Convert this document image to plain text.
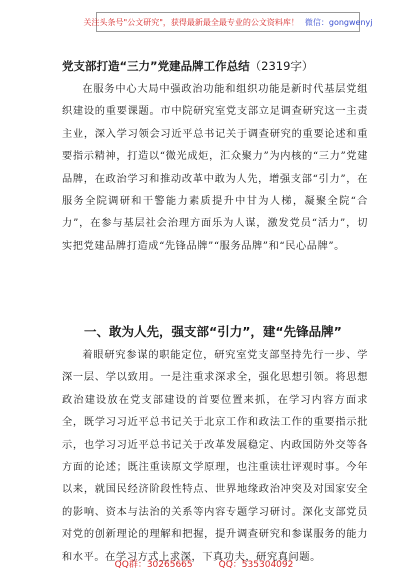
关注头条号"公文研究"，获得最新最全最专业的公文资料库！ 微信：gongwenyj
党支部打造“三力”党建品牌工作总结（2319字）

在服务中心大局中强政治功能和组织功能是新时代基层党组织建设的重要课题。市中院研究室党支部立足调查研究这一主责主业，深入学习领会习近平总书记关于调查研究的重要论述和重要指示精神，打造以“微光成炬，汇众聚力”为内核的“三力”党建品牌，在政治学习和推动改革中敢为人先，增强支部“引力”，在服务全院调研和干警能力素质提升中甘为人梯，凝聚全院“合力”，在参与基层社会治理方面乐为人谋，激发党员“活力”，切实把党建品牌打造成“先锋品牌”“服务品牌”和“民心品牌”。

一、敢为人先，强支部“引力”，建“先锋品牌”

着眼研究参谋的职能定位，研究室党支部坚持先行一步、学深一层、学以致用。一是注重求深求全，强化思想引领。将思想政治建设放在党支部建设的首要位置来抓，在学习内容方面求全，既学习习近平总书记关于北京工作和政法工作的重要指示批示，也学习习近平总书记关于改革发展稳定、内政国防外交等各方面的论述；既注重读原文学原理，也注重读壮评观时事。今年以来，就国民经济阶段性特点、世界地缘政治冲突及对国家安全的影响、资本与法治的关系等内容专题学习研讨。深化支部党员对党的创新理论的理解和把握，提升调查研究和参谋服务的能力和水平。在学习方式上求深，下真功夫，研究真问题。

QQ群：30265665	QQ：535304092
